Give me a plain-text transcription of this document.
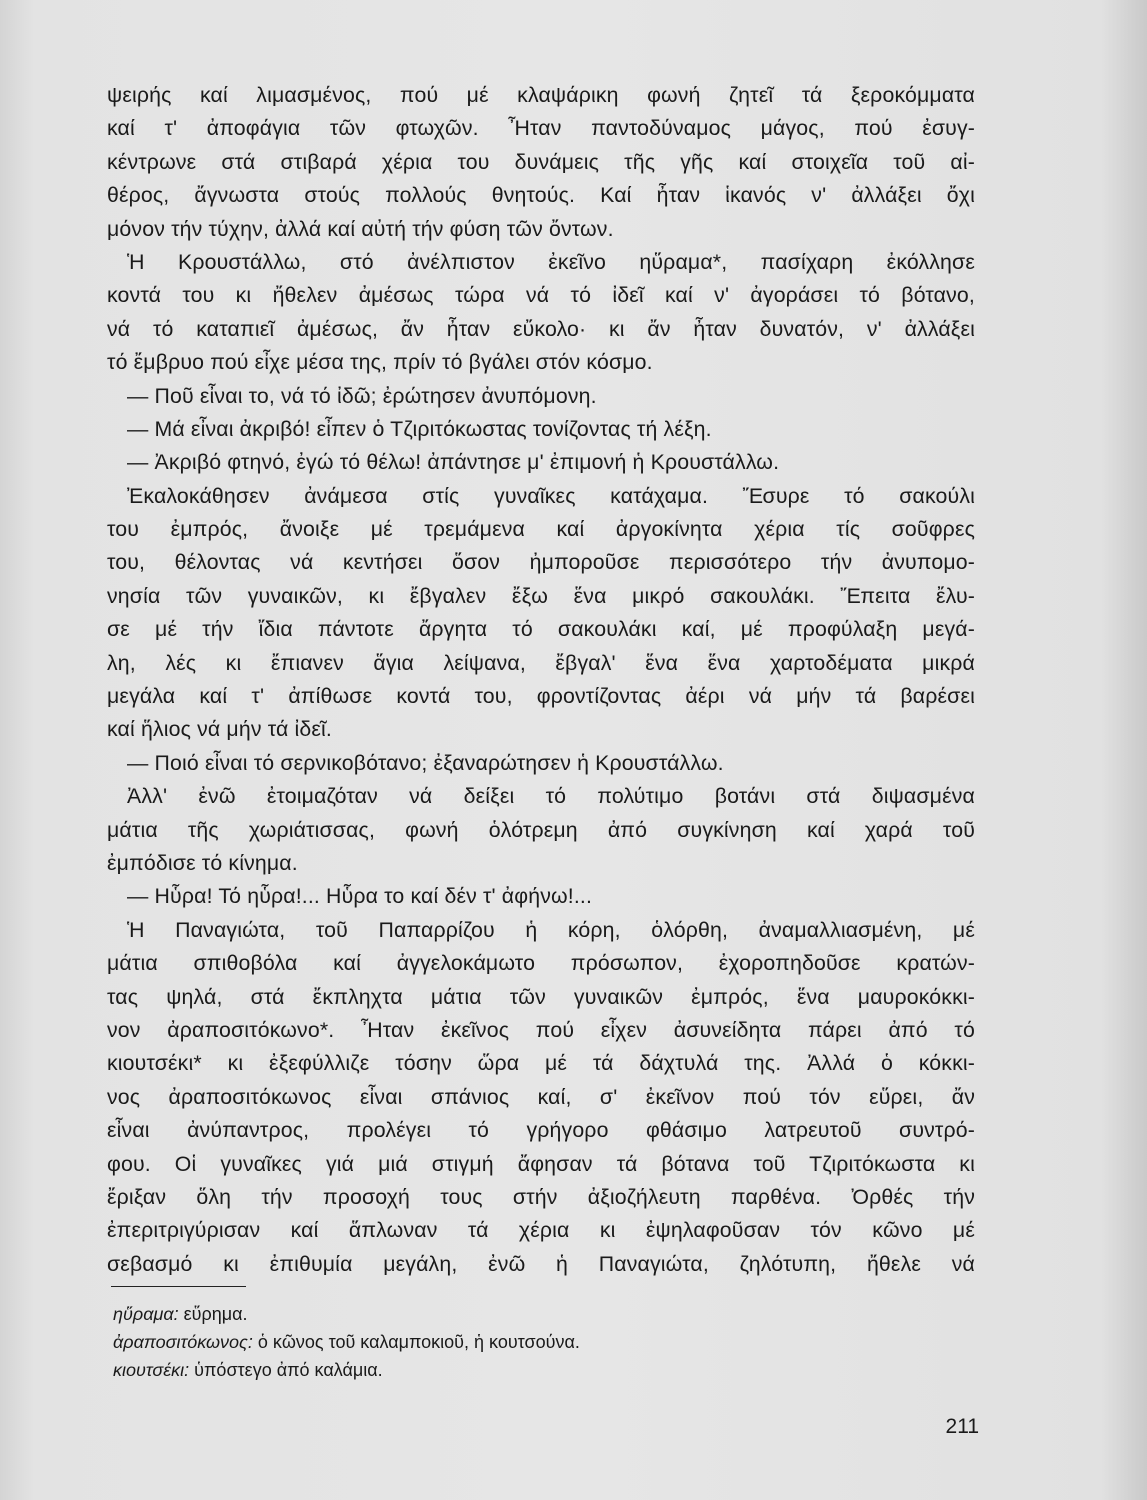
ψειρής καί λιμασμένος, πού μέ κλαψάρικη φωνή ζητεῖ τά ξεροκόμματα
καί τ' ἀποφάγια τῶν φτωχῶν. Ἦταν παντοδύναμος μάγος, πού ἐσυγ-
κέντρωνε στά στιβαρά χέρια του δυνάμεις τῆς γῆς καί στοιχεῖα τοῦ αἰ-
θέρος, ἄγνωστα στούς πολλούς θνητούς. Καί ἦταν ἱκανός ν' ἀλλάξει ὄχι
μόνον τήν τύχην, ἀλλά καί αὐτή τήν φύση τῶν ὄντων.
Ἡ Κρουστάλλω, στό ἀνέλπιστον ἐκεῖνο ηὕραμα*, πασίχαρη ἐκόλλησε
κοντά του κι ἤθελεν ἀμέσως τώρα νά τό ἰδεῖ καί ν' ἀγοράσει τό βότανο,
νά τό καταπιεῖ ἀμέσως, ἄν ἦταν εὔκολο· κι ἄν ἦταν δυνατόν, ν' ἀλλάξει
τό ἔμβρυο πού εἶχε μέσα της, πρίν τό βγάλει στόν κόσμο.
— Ποῦ εἶναι το, νά τό ἰδῶ; ἐρώτησεν ἀνυπόμονη.
— Μά εἶναι ἀκριβό! εἶπεν ὁ Τζιριτόκωστας τονίζοντας τή λέξη.
— Ἀκριβό φτηνό, ἐγώ τό θέλω! ἀπάντησε μ' ἐπιμονή ἡ Κρουστάλλω.
Ἐκαλοκάθησεν ἀνάμεσα στίς γυναῖκες κατάχαμα. Ἔσυρε τό σακούλι
του ἐμπρός, ἄνοιξε μέ τρεμάμενα καί ἀργοκίνητα χέρια τίς σοῦφρες
του, θέλοντας νά κεντήσει ὅσον ἠμποροῦσε περισσότερο τήν ἀνυπομο-
νησία τῶν γυναικῶν, κι ἔβγαλεν ἔξω ἕνα μικρό σακουλάκι. Ἔπειτα ἔλυ-
σε μέ τήν ἴδια πάντοτε ἄργητα τό σακουλάκι καί, μέ προφύλαξη μεγά-
λη, λές κι ἔπιανεν ἅγια λείψανα, ἔβγαλ' ἕνα ἕνα χαρτοδέματα μικρά
μεγάλα καί τ' ἀπίθωσε κοντά του, φροντίζοντας ἀέρι νά μήν τά βαρέσει
καί ἥλιος νά μήν τά ἰδεῖ.
— Ποιό εἶναι τό σερνικοβότανο; ἐξαναρώτησεν ἡ Κρουστάλλω.
Ἀλλ' ἐνῶ ἐτοιμαζόταν νά δείξει τό πολύτιμο βοτάνι στά διψασμένα
μάτια τῆς χωριάτισσας, φωνή ὁλότρεμη ἀπό συγκίνηση καί χαρά τοῦ
ἐμπόδισε τό κίνημα.
— Ηὗρα! Τό ηὗρα!... Ηὗρα το καί δέν τ' ἀφήνω!...
Ἡ Παναγιώτα, τοῦ Παπαρρίζου ἡ κόρη, ὁλόρθη, ἀναμαλλιασμένη, μέ
μάτια σπιθοβόλα καί ἀγγελοκάμωτο πρόσωπον, ἐχοροπηδοῦσε κρατών-
τας ψηλά, στά ἔκπληχτα μάτια τῶν γυναικῶν ἐμπρός, ἕνα μαυροκόκκι-
νον ἀραποσιτόκωνο*. Ἦταν ἐκεῖνος πού εἶχεν ἀσυνείδητα πάρει ἀπό τό
κιουτσέκι* κι ἐξεφύλλιζε τόσην ὥρα μέ τά δάχτυλά της. Ἀλλά ὁ κόκκι-
νος ἀραποσιτόκωνος εἶναι σπάνιος καί, σ' ἐκεῖνον πού τόν εὕρει, ἄν
εἶναι ἀνύπαντρος, προλέγει τό γρήγορο φθάσιμο λατρευτοῦ συντρό-
φου. Οἱ γυναῖκες γιά μιά στιγμή ἄφησαν τά βότανα τοῦ Τζιριτόκωστα κι
ἔριξαν ὅλη τήν προσοχή τους στήν ἀξιοζήλευτη παρθένα. Ὀρθές τήν
ἐπεριτριγύρισαν καί ἅπλωναν τά χέρια κι ἐψηλαφοῦσαν τόν κῶνο μέ
σεβασμό κι ἐπιθυμία μεγάλη, ἐνῶ ἡ Παναγιώτα, ζηλότυπη, ἤθελε νά
ηὕραμα: εὕρημα.
ἀραποσιτόκωνος: ὁ κῶνος τοῦ καλαμποκιοῦ, ἡ κουτσούνα.
κιουτσέκι: ὑπόστεγο ἀπό καλάμια.
211
